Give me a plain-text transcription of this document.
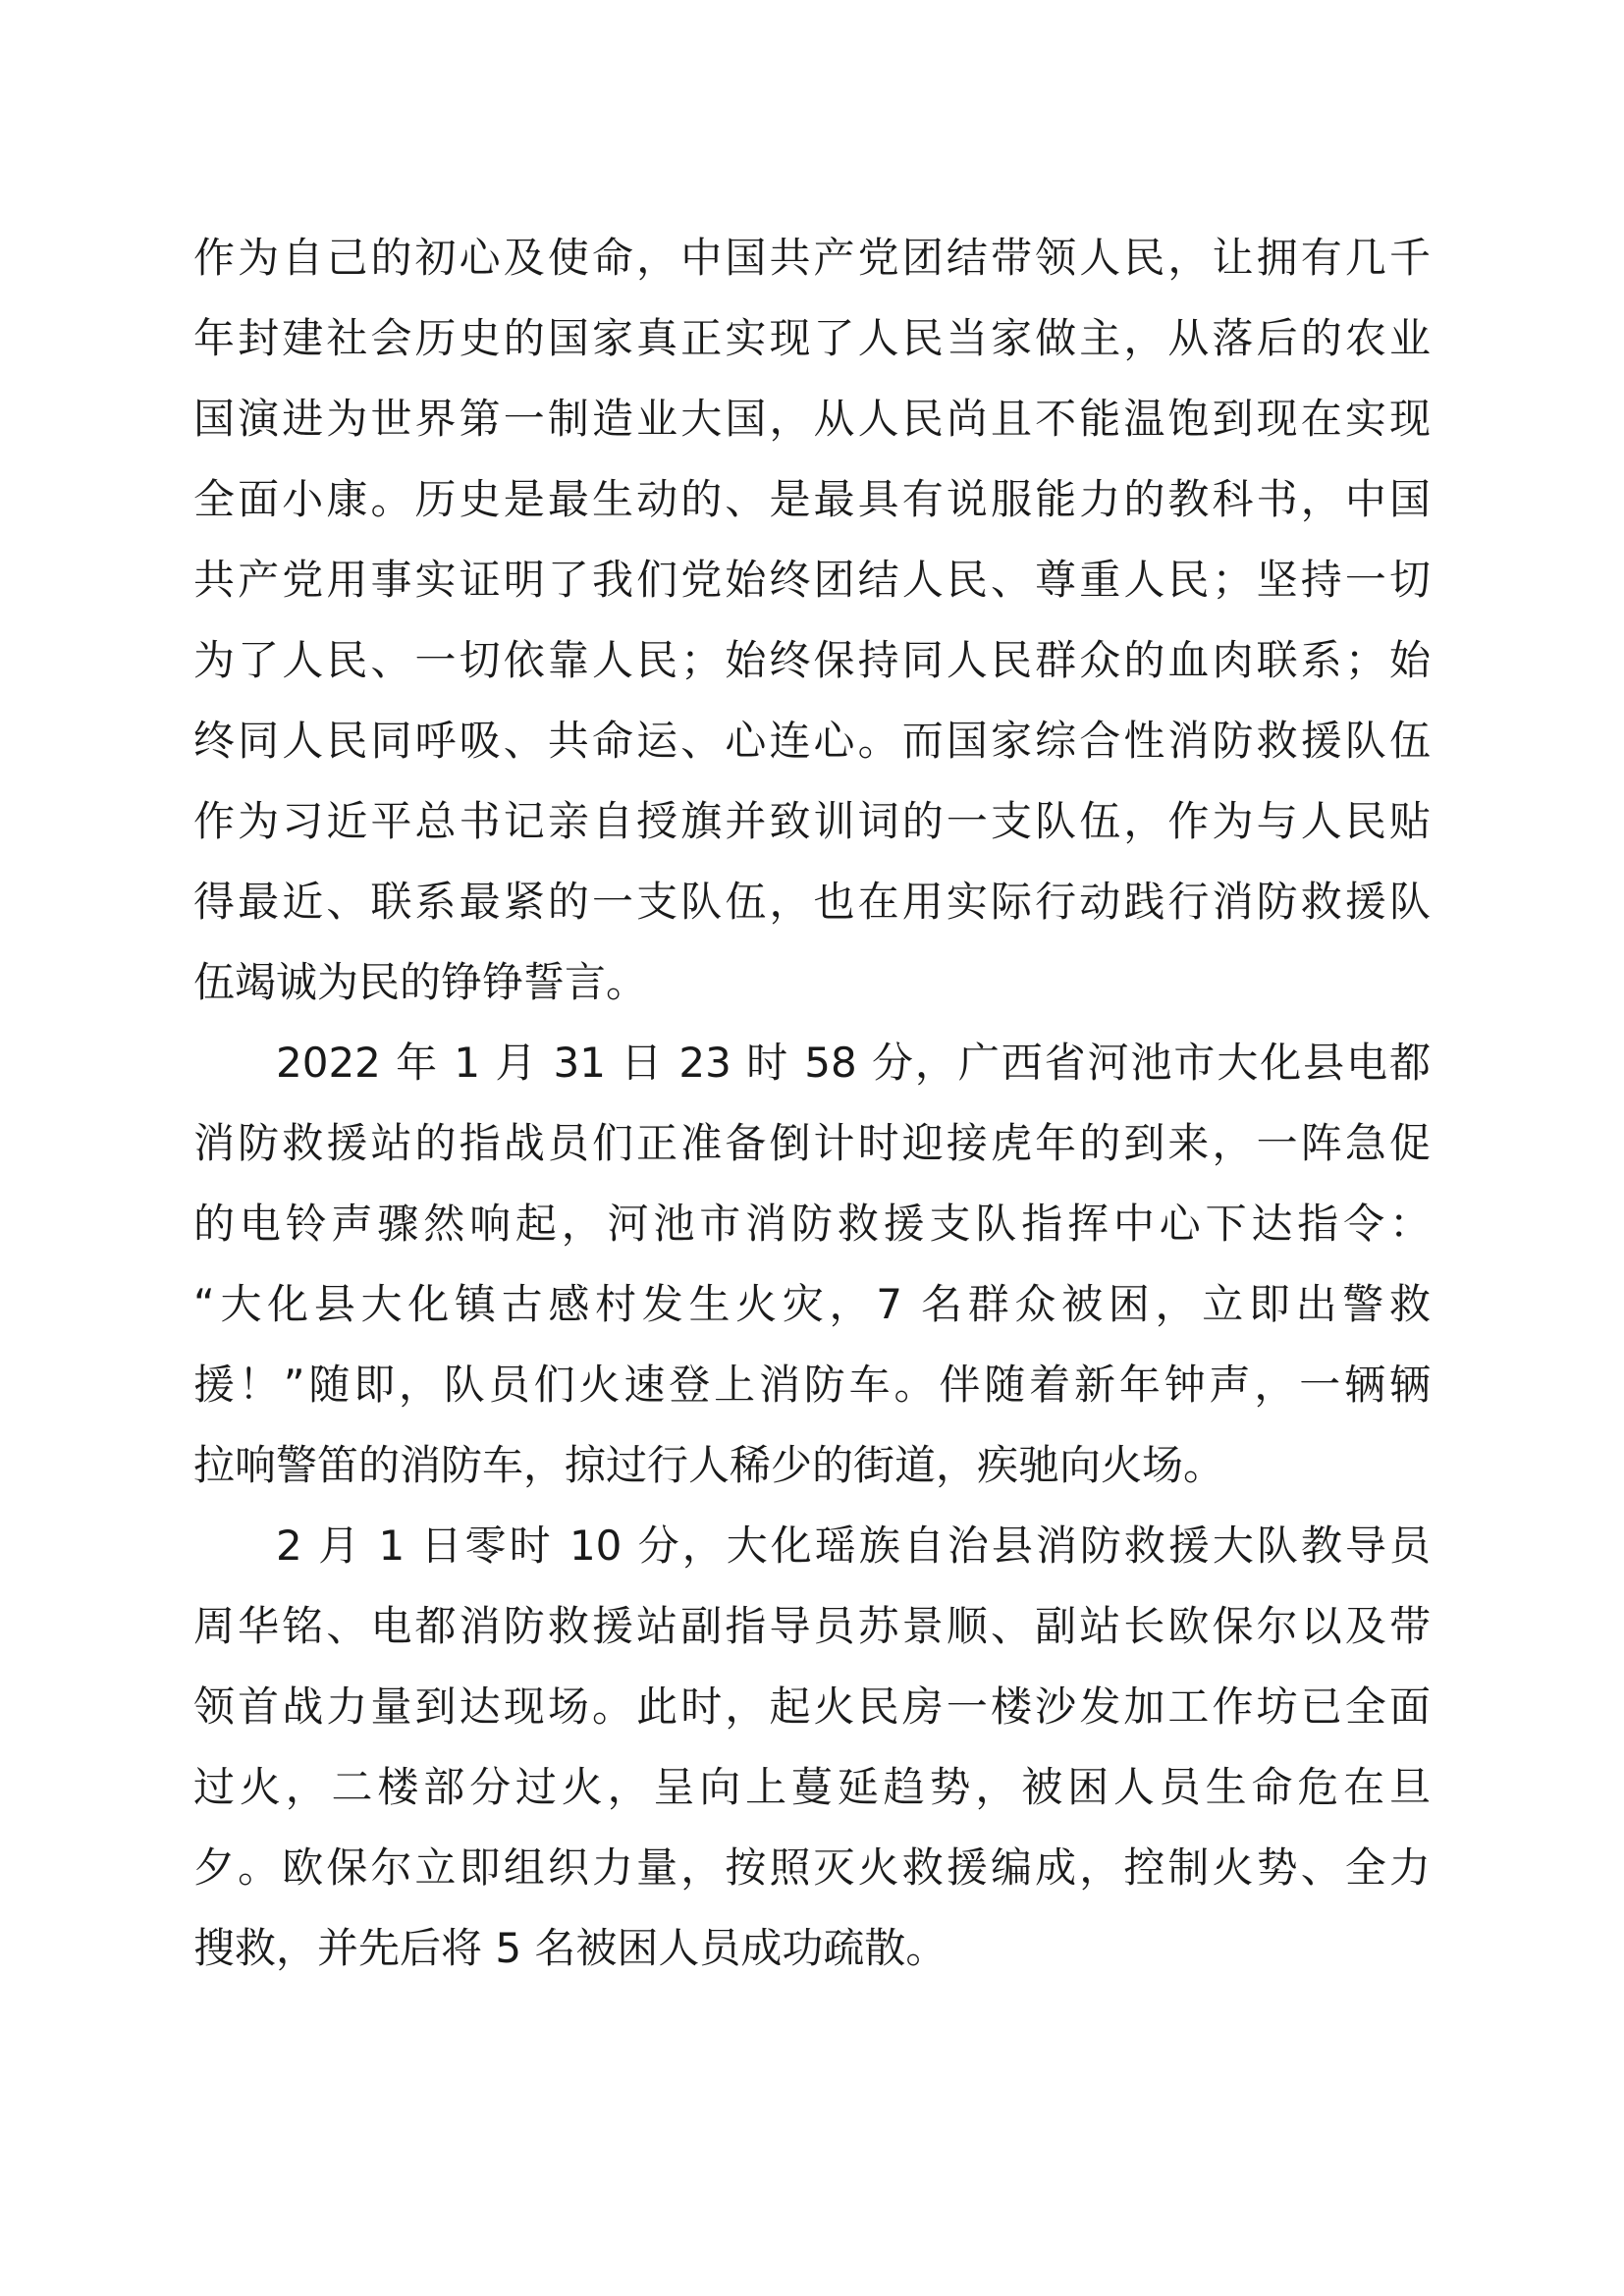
作为自己的初心及使命，中国共产党团结带领人民，让拥有几千
年封建社会历史的国家真正实现了人民当家做主，从落后的农业
国演进为世界第一制造业大国，从人民尚且不能温饱到现在实现
全面小康。历史是最生动的、是最具有说服能力的教科书，中国
共产党用事实证明了我们党始终团结人民、尊重人民；坚持一切
为了人民、一切依靠人民；始终保持同人民群众的血肉联系；始
终同人民同呼吸、共命运、心连心。而国家综合性消防救援队伍
作为习近平总书记亲自授旗并致训词的一支队伍，作为与人民贴
得最近、联系最紧的一支队伍，也在用实际行动践行消防救援队
伍竭诚为民的铮铮誓言。
2022 年 1 月 31 日 23 时 58 分，广西省河池市大化县电都
消防救援站的指战员们正准备倒计时迎接虎年的到来，一阵急促
的电铃声骤然响起，河池市消防救援支队指挥中心下达指令：
“大化县大化镇古感村发生火灾，7 名群众被困，立即出警救
援！”随即，队员们火速登上消防车。伴随着新年钟声，一辆辆
拉响警笛的消防车，掠过行人稀少的街道，疾驰向火场。
2 月 1 日零时 10 分，大化瑶族自治县消防救援大队教导员
周华铭、电都消防救援站副指导员苏景顺、副站长欧保尔以及带
领首战力量到达现场。此时，起火民房一楼沙发加工作坊已全面
过火，二楼部分过火，呈向上蔓延趋势，被困人员生命危在旦
夕。欧保尔立即组织力量，按照灭火救援编成，控制火势、全力
搜救，并先后将 5 名被困人员成功疏散。
